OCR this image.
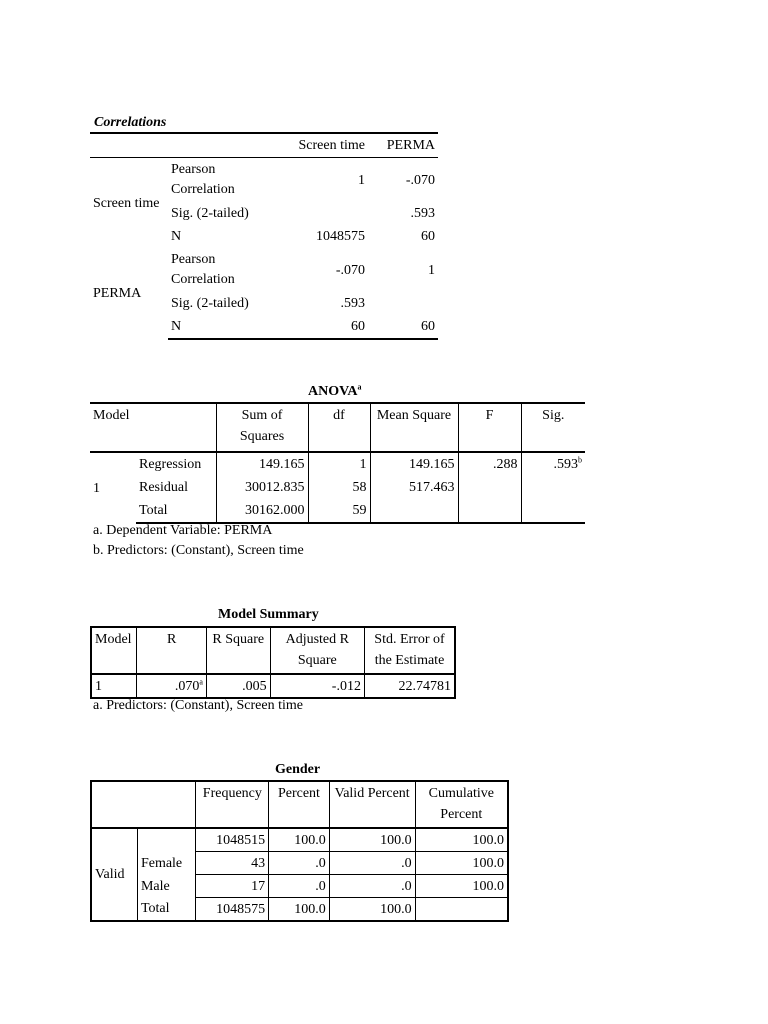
Correlations
		Screen time	PERMA
Screen time	Pearson Correlation	1	-.070
	Sig. (2-tailed)		.593
	N	1048575	60
PERMA	Pearson Correlation	-.070	1
	Sig. (2-tailed)	.593	
	N	60	60
ANOVA$^a$
Model		Sum of Squares	df	Mean Square	F	Sig.
1	Regression	149.165	1	149.165	.288	.593$^b$
	Residual	30012.835	58	517.463		
	Total	30162.000	59			
a. Dependent Variable: PERMA
b. Predictors: (Constant), Screen time
Model Summary
Model	R	R Square	Adjusted R Square	Std. Error of the Estimate
1	.070$^a$	.005	-.012	22.74781
a. Predictors: (Constant), Screen time
Gender
		Frequency	Percent	Valid Percent	Cumulative Percent
Valid		1048515	100.0	100.0	100.0
	Female	43	.0	.0	100.0
	Male	17	.0	.0	100.0
	Total	1048575	100.0	100.0	
